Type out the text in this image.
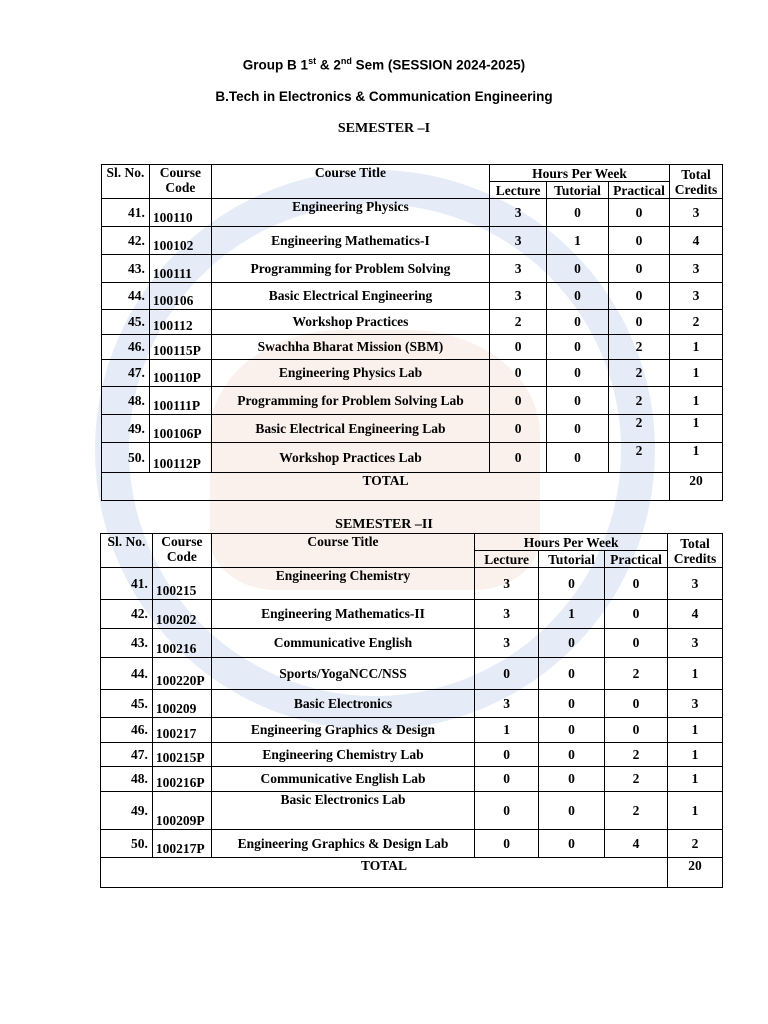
Group B 1st & 2nd Sem (SESSION 2024-2025)
B.Tech in Electronics & Communication Engineering
SEMESTER –I
Sl. No.	Course Code	Course Title	Hours Per Week			Total Credits
			Lecture	Tutorial	Practical	
41.	100110	Engineering Physics	3	0	0	3
42.	100102	Engineering Mathematics-I	3	1	0	4
43.	100111	Programming for Problem Solving	3	0	0	3
44.	100106	Basic Electrical Engineering	3	0	0	3
45.	100112	Workshop Practices	2	0	0	2
46.	100115P	Swachha Bharat Mission (SBM)	0	0	2	1
47.	100110P	Engineering Physics Lab	0	0	2	1
48.	100111P	Programming for Problem Solving Lab	0	0	2	1
49.	100106P	Basic Electrical Engineering Lab	0	0	2	1
50.	100112P	Workshop Practices Lab	0	0	2	1
TOTAL						20
SEMESTER –II
Sl. No.	Course Code	Course Title	Hours Per Week			Total Credits
			Lecture	Tutorial	Practical	
41.	100215	Engineering Chemistry	3	0	0	3
42.	100202	Engineering Mathematics-II	3	1	0	4
43.	100216	Communicative English	3	0	0	3
44.	100220P	Sports/YogaNCC/NSS	0	0	2	1
45.	100209	Basic Electronics	3	0	0	3
46.	100217	Engineering Graphics & Design	1	0	0	1
47.	100215P	Engineering Chemistry Lab	0	0	2	1
48.	100216P	Communicative English Lab	0	0	2	1
49.	100209P	Basic Electronics Lab	0	0	2	1
50.	100217P	Engineering Graphics & Design Lab	0	0	4	2
TOTAL						20
